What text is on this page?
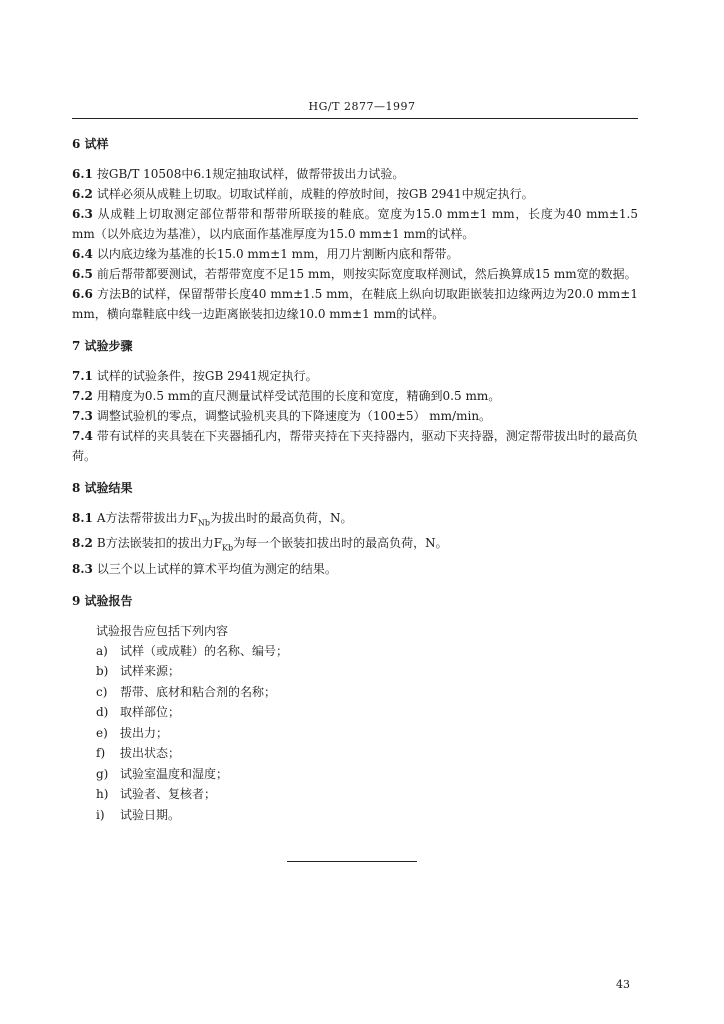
HG/T 2877—1997

6 试样

6.1 按GB/T 10508中6.1规定抽取试样，做帮带拔出力试验。

6.2 试样必须从成鞋上切取。切取试样前，成鞋的停放时间，按GB 2941中规定执行。

6.3 从成鞋上切取测定部位帮带和帮带所联接的鞋底。宽度为15.0 mm±1 mm，长度为40 mm±1.5 mm（以外底边为基准），以内底面作基准厚度为15.0 mm±1 mm的试样。

6.4 以内底边缘为基准的长15.0 mm±1 mm，用刀片割断内底和帮带。

6.5 前后帮带都要测试，若帮带宽度不足15 mm，则按实际宽度取样测试，然后换算成15 mm宽的数据。

6.6 方法B的试样，保留帮带长度40 mm±1.5 mm，在鞋底上纵向切取距嵌装扣边缘两边为20.0 mm±1 mm，横向靠鞋底中线一边距离嵌装扣边缘10.0 mm±1 mm的试样。

7 试验步骤

7.1 试样的试验条件，按GB 2941规定执行。

7.2 用精度为0.5 mm的直尺测量试样受试范围的长度和宽度，精确到0.5 mm。

7.3 调整试验机的零点，调整试验机夹具的下降速度为（100±5） mm/min。

7.4 带有试样的夹具装在下夹器插孔内，帮带夹持在下夹持器内，驱动下夹持器，测定帮带拔出时的最高负荷。

8 试验结果

8.1 A方法帮带拔出力$F_{Nb}$为拔出时的最高负荷，N。

8.2 B方法嵌装扣的拔出力$F_{Kb}$为每一个嵌装扣拔出时的最高负荷，N。

8.3 以三个以上试样的算术平均值为测定的结果。

9 试验报告

试验报告应包括下列内容

a) 试样（或成鞋）的名称、编号；

b) 试样来源；

c) 帮带、底材和粘合剂的名称；

d) 取样部位；

e) 拔出力；

f) 拔出状态；

g) 试验室温度和湿度；

h) 试验者、复核者；

i) 试验日期。

43
